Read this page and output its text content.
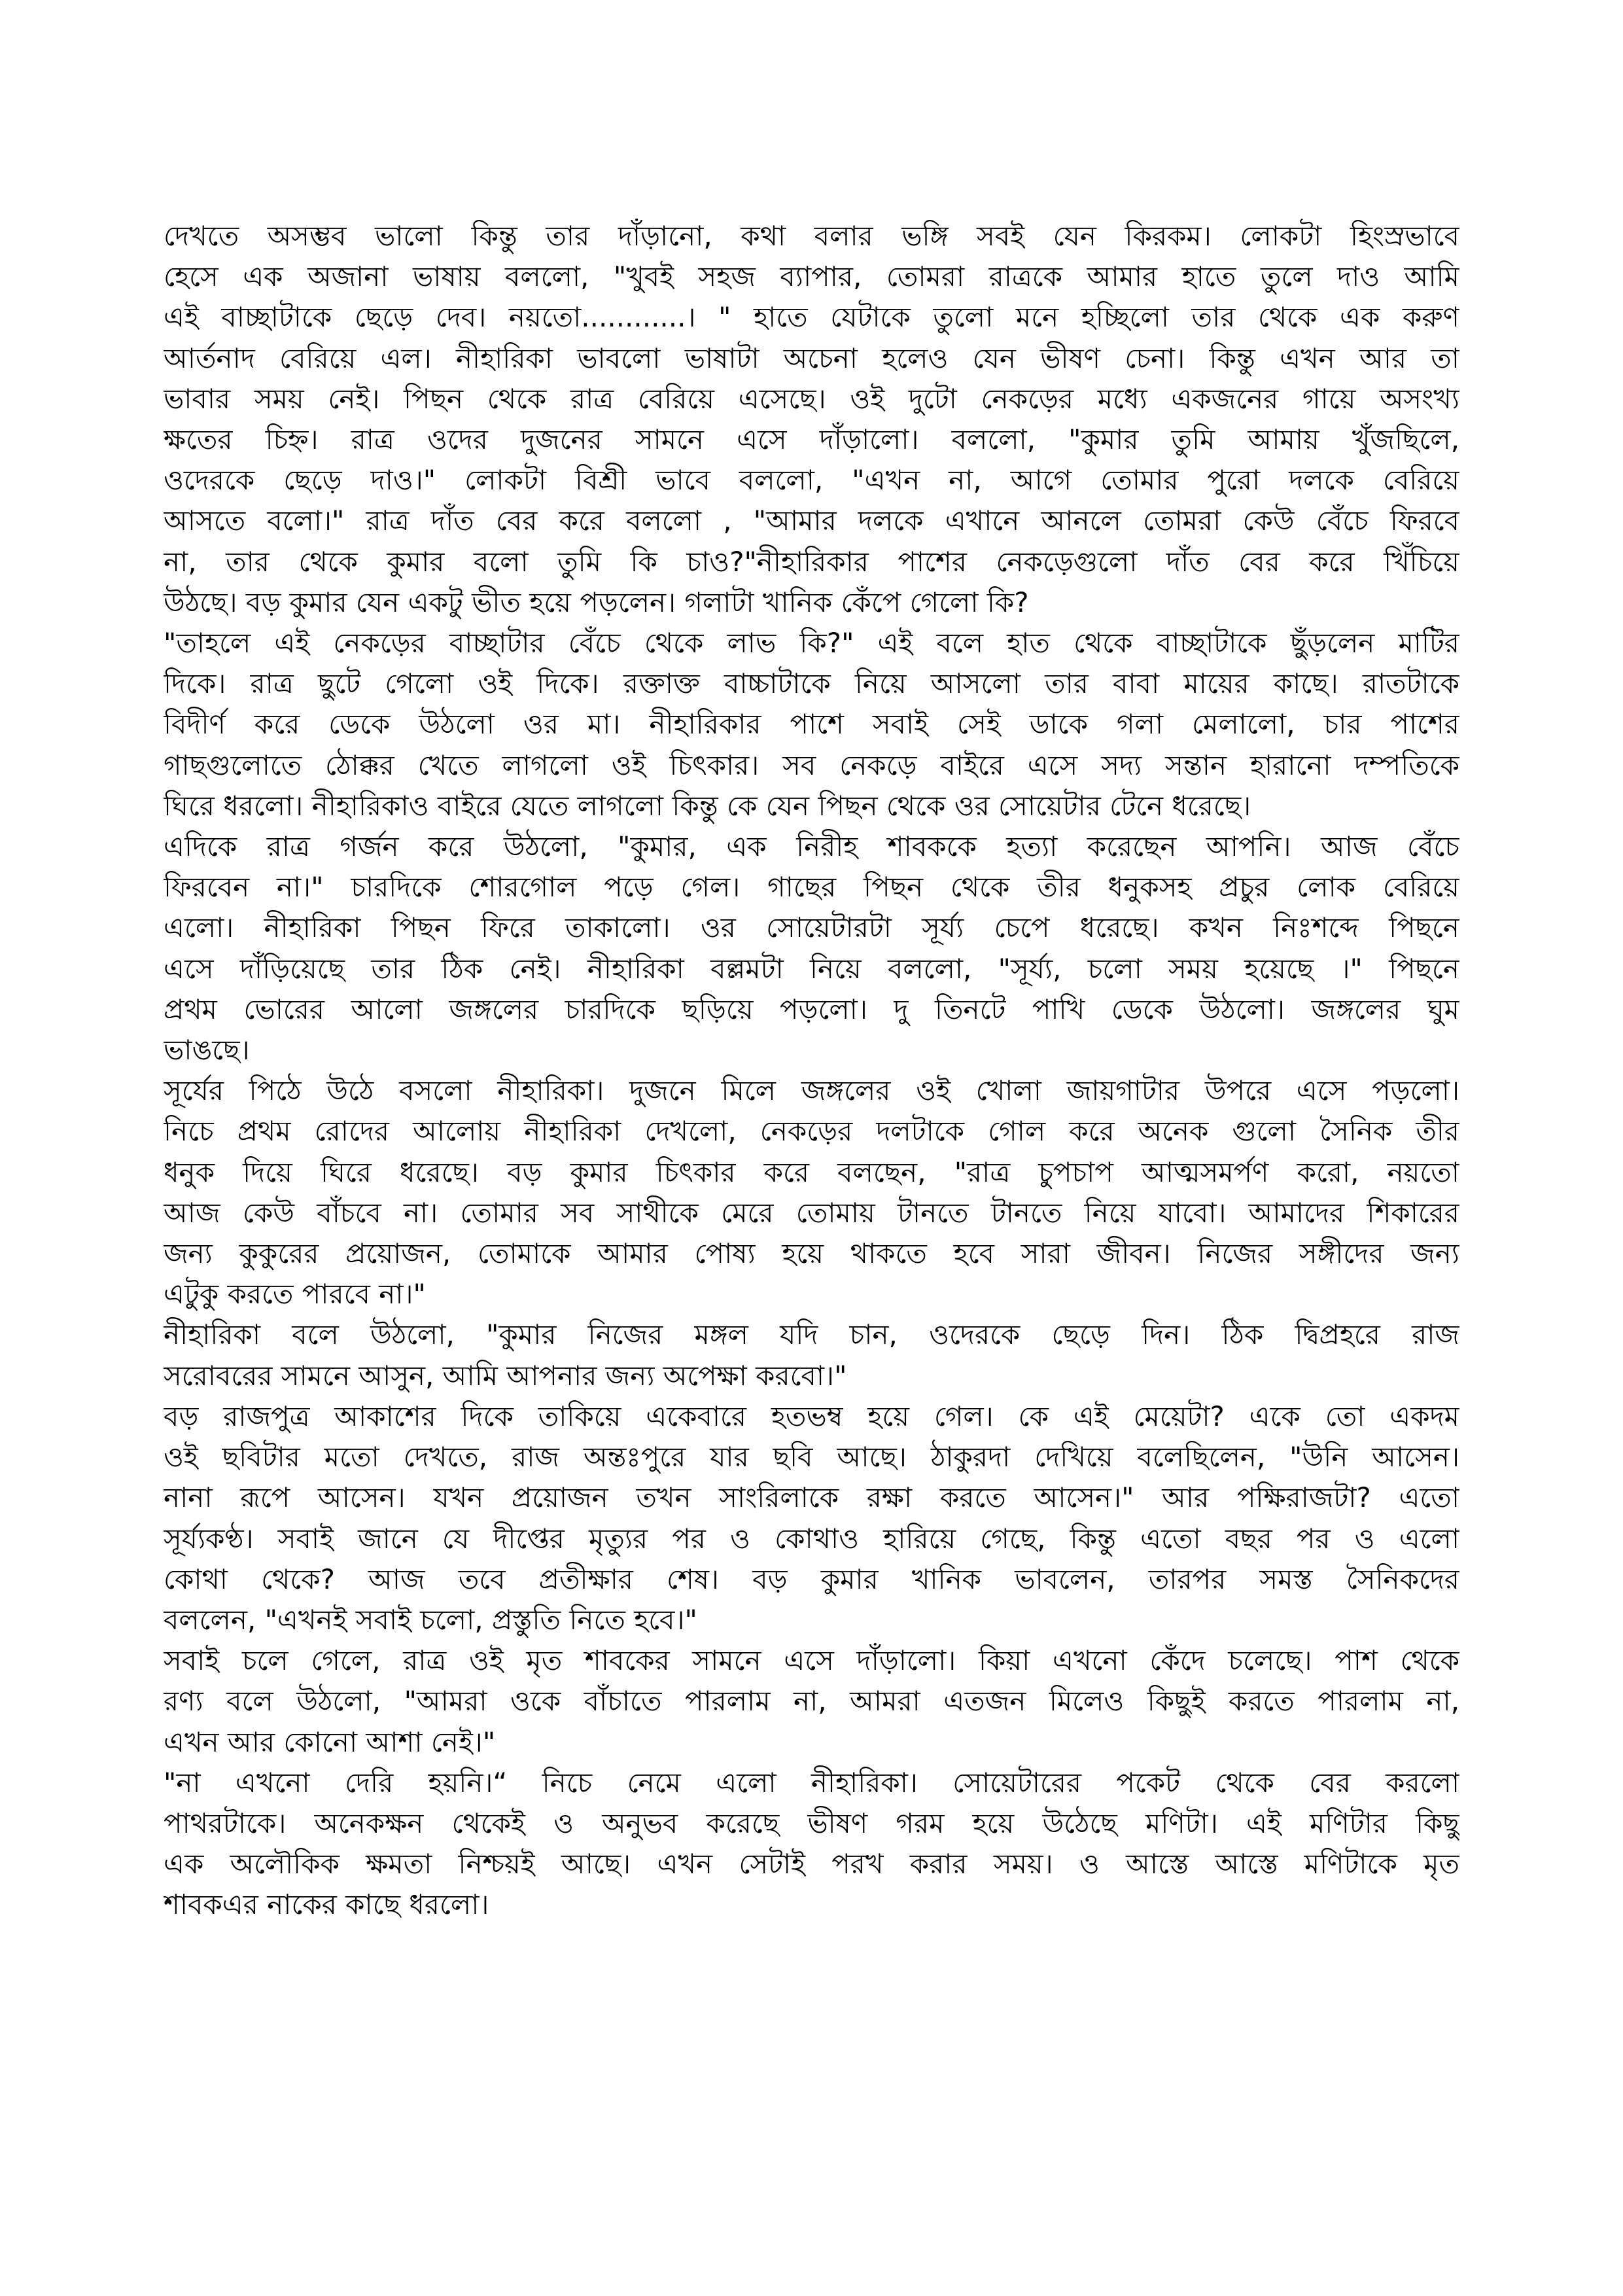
দেখতে অসম্ভব ভালো কিন্তু তার দাঁড়ানো, কথা বলার ভঙ্গি সবই যেন কিরকম। লোকটা হিংস্রভাবে
হেসে এক অজানা ভাষায় বললো, "খুবই সহজ ব্যাপার, তোমরা রাত্রকে আমার হাতে তুলে দাও আমি
এই বাচ্ছাটাকে ছেড়ে দেব। নয়তো............। " হাতে যেটাকে তুলো মনে হচ্ছিলো তার থেকে এক করুণ
আর্তনাদ বেরিয়ে এল। নীহারিকা ভাবলো ভাষাটা অচেনা হলেও যেন ভীষণ চেনা। কিন্তু এখন আর তা
ভাবার সময় নেই। পিছন থেকে রাত্র বেরিয়ে এসেছে। ওই দুটো নেকড়ের মধ্যে একজনের গায়ে অসংখ্য
ক্ষতের চিহ্ন। রাত্র ওদের দুজনের সামনে এসে দাঁড়ালো। বললো, "কুমার তুমি আমায় খুঁজছিলে,
ওদেরকে ছেড়ে দাও।" লোকটা বিশ্রী ভাবে বললো, "এখন না, আগে তোমার পুরো দলকে বেরিয়ে
আসতে বলো।" রাত্র দাঁত বের করে বললো , "আমার দলকে এখানে আনলে তোমরা কেউ বেঁচে ফিরবে
না, তার থেকে কুমার বলো তুমি কি চাও?"নীহারিকার পাশের নেকড়েগুলো দাঁত বের করে খিঁচিয়ে
উঠছে। বড় কুমার যেন একটু ভীত হয়ে পড়লেন। গলাটা খানিক কেঁপে গেলো কি?
"তাহলে এই নেকড়ের বাচ্ছাটার বেঁচে থেকে লাভ কি?" এই বলে হাত থেকে বাচ্ছাটাকে ছুঁড়লেন মাটির
দিকে। রাত্র ছুটে গেলো ওই দিকে। রক্তাক্ত বাচ্চাটাকে নিয়ে আসলো তার বাবা মায়ের কাছে। রাতটাকে
বিদীর্ণ করে ডেকে উঠলো ওর মা। নীহারিকার পাশে সবাই সেই ডাকে গলা মেলালো, চার পাশের
গাছগুলোতে ঠোক্কর খেতে লাগলো ওই চিৎকার। সব নেকড়ে বাইরে এসে সদ্য সন্তান হারানো দম্পতিকে
ঘিরে ধরলো। নীহারিকাও বাইরে যেতে লাগলো কিন্তু কে যেন পিছন থেকে ওর সোয়েটার টেনে ধরেছে।
এদিকে রাত্র গর্জন করে উঠলো, "কুমার, এক নিরীহ শাবককে হত্যা করেছেন আপনি। আজ বেঁচে
ফিরবেন না।" চারদিকে শোরগোল পড়ে গেল। গাছের পিছন থেকে তীর ধনুকসহ প্রচুর লোক বেরিয়ে
এলো। নীহারিকা পিছন ফিরে তাকালো। ওর সোয়েটারটা সূর্য্য চেপে ধরেছে। কখন নিঃশব্দে পিছনে
এসে দাঁড়িয়েছে তার ঠিক নেই। নীহারিকা বল্লমটা নিয়ে বললো, "সূর্য্য, চলো সময় হয়েছে ।" পিছনে
প্রথম ভোরের আলো জঙ্গলের চারদিকে ছড়িয়ে পড়লো। দু তিনটে পাখি ডেকে উঠলো। জঙ্গলের ঘুম
ভাঙছে।
সূর্যের পিঠে উঠে বসলো নীহারিকা। দুজনে মিলে জঙ্গলের ওই খোলা জায়গাটার উপরে এসে পড়লো।
নিচে প্রথম রোদের আলোয় নীহারিকা দেখলো, নেকড়ের দলটাকে গোল করে অনেক গুলো সৈনিক তীর
ধনুক দিয়ে ঘিরে ধরেছে। বড় কুমার চিৎকার করে বলছেন, "রাত্র চুপচাপ আত্মসমর্পণ করো, নয়তো
আজ কেউ বাঁচবে না। তোমার সব সাথীকে মেরে তোমায় টানতে টানতে নিয়ে যাবো। আমাদের শিকারের
জন্য কুকুরের প্রয়োজন, তোমাকে আমার পোষ্য হয়ে থাকতে হবে সারা জীবন। নিজের সঙ্গীদের জন্য
এটুকু করতে পারবে না।"
নীহারিকা বলে উঠলো, "কুমার নিজের মঙ্গল যদি চান, ওদেরকে ছেড়ে দিন। ঠিক দ্বিপ্রহরে রাজ
সরোবরের সামনে আসুন, আমি আপনার জন্য অপেক্ষা করবো।"
বড় রাজপুত্র আকাশের দিকে তাকিয়ে একেবারে হতভম্ব হয়ে গেল। কে এই মেয়েটা? একে তো একদম
ওই ছবিটার মতো দেখতে, রাজ অন্তঃপুরে যার ছবি আছে। ঠাকুরদা দেখিয়ে বলেছিলেন, "উনি আসেন।
নানা রূপে আসেন। যখন প্রয়োজন তখন সাংরিলাকে রক্ষা করতে আসেন।" আর পক্ষিরাজটা? এতো
সূর্য্যকণ্ঠ। সবাই জানে যে দীপ্তের মৃত্যুর পর ও কোথাও হারিয়ে গেছে, কিন্তু এতো বছর পর ও এলো
কোথা থেকে? আজ তবে প্রতীক্ষার শেষ। বড় কুমার খানিক ভাবলেন, তারপর সমস্ত সৈনিকদের
বললেন, "এখনই সবাই চলো, প্রস্তুতি নিতে হবে।"
সবাই চলে গেলে, রাত্র ওই মৃত শাবকের সামনে এসে দাঁড়ালো। কিয়া এখনো কেঁদে চলেছে। পাশ থেকে
রণ্য বলে উঠলো, "আমরা ওকে বাঁচাতে পারলাম না, আমরা এতজন মিলেও কিছুই করতে পারলাম না,
এখন আর কোনো আশা নেই।"
"না এখনো দেরি হয়নি।“ নিচে নেমে এলো নীহারিকা। সোয়েটারের পকেট থেকে বের করলো
পাথরটাকে। অনেকক্ষন থেকেই ও অনুভব করেছে ভীষণ গরম হয়ে উঠেছে মণিটা। এই মণিটার কিছু
এক অলৌকিক ক্ষমতা নিশ্চয়ই আছে। এখন সেটাই পরখ করার সময়। ও আস্তে আস্তে মণিটাকে মৃত
শাবকএর নাকের কাছে ধরলো।
